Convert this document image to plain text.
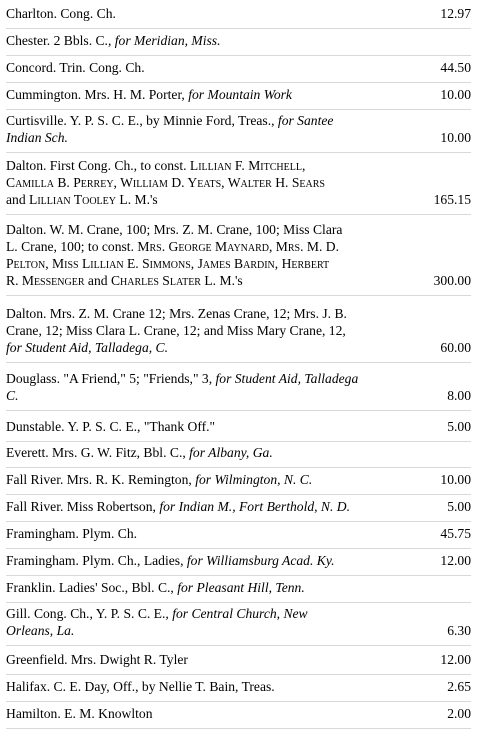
Charlton. Cong. Ch.	12.97
Chester. 2 Bbls. C., for Meridian, Miss.
Concord. Trin. Cong. Ch.	44.50
Cummington. Mrs. H. M. Porter, for Mountain Work	10.00
Curtisville. Y. P. S. C. E., by Minnie Ford, Treas., for Santee
Indian Sch.	10.00
Dalton. First Cong. Ch., to const. Lillian F. Mitchell,
Camilla B. Perrey, William D. Yeats, Walter H. Sears
and Lillian Tooley L. M.'s	165.15
Dalton. W. M. Crane, 100; Mrs. Z. M. Crane, 100; Miss Clara
L. Crane, 100; to const. Mrs. George Maynard, Mrs. M. D.
Pelton, Miss Lillian E. Simmons, James Bardin, Herbert
R. Messenger and Charles Slater L. M.'s	300.00
Dalton. Mrs. Z. M. Crane 12; Mrs. Zenas Crane, 12; Mrs. J. B.
Crane, 12; Miss Clara L. Crane, 12; and Miss Mary Crane, 12,
for Student Aid, Talladega, C.	60.00
Douglass. "A Friend," 5; "Friends," 3, for Student Aid, Talladega
C.	8.00
Dunstable. Y. P. S. C. E., "Thank Off."	5.00
Everett. Mrs. G. W. Fitz, Bbl. C., for Albany, Ga.
Fall River. Mrs. R. K. Remington, for Wilmington, N. C.	10.00
Fall River. Miss Robertson, for Indian M., Fort Berthold, N. D.	5.00
Framingham. Plym. Ch.	45.75
Framingham. Plym. Ch., Ladies, for Williamsburg Acad. Ky.	12.00
Franklin. Ladies' Soc., Bbl. C., for Pleasant Hill, Tenn.
Gill. Cong. Ch., Y. P. S. C. E., for Central Church, New
Orleans, La.	6.30
Greenfield. Mrs. Dwight R. Tyler	12.00
Halifax. C. E. Day, Off., by Nellie T. Bain, Treas.	2.65
Hamilton. E. M. Knowlton	2.00
